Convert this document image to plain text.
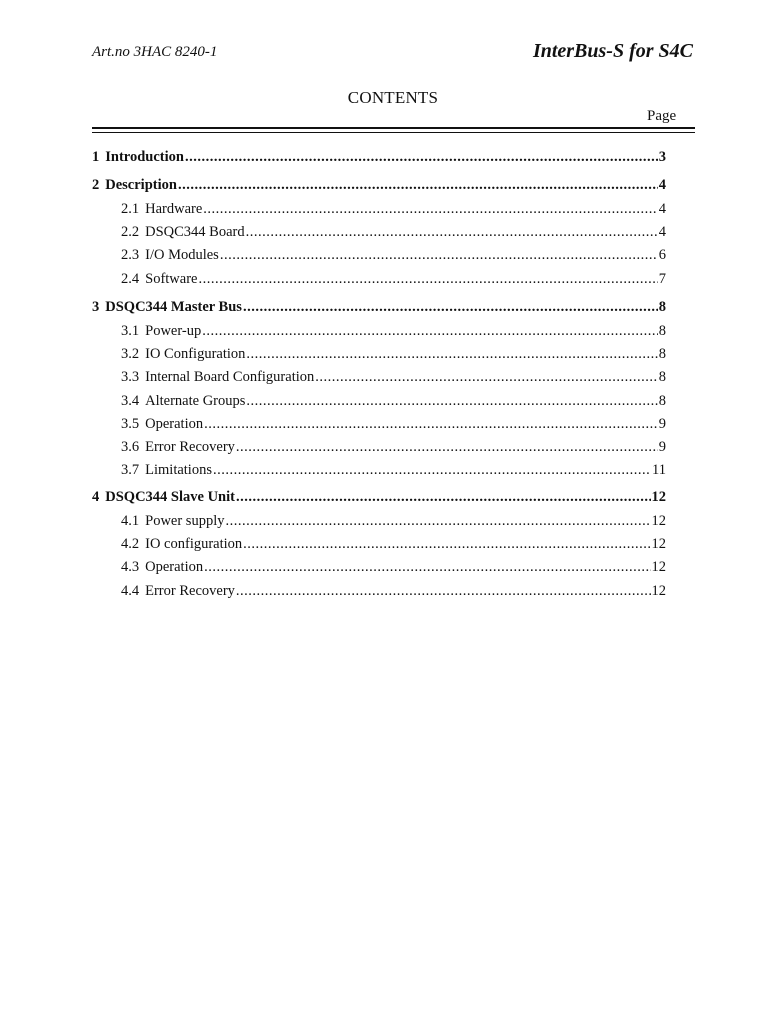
Art.no 3HAC 8240-1	InterBus-S for S4C
CONTENTS
Page
1 Introduction .....	3
2 Description .....	4
2.1 Hardware .....	4
2.2 DSQC344 Board .....	4
2.3 I/O Modules .....	6
2.4 Software .....	7
3 DSQC344 Master Bus .....	8
3.1 Power-up .....	8
3.2 IO Configuration .....	8
3.3 Internal Board Configuration .....	8
3.4 Alternate Groups .....	8
3.5 Operation .....	9
3.6 Error Recovery .....	9
3.7 Limitations .....	11
4 DSQC344 Slave Unit .....	12
4.1 Power supply .....	12
4.2 IO configuration .....	12
4.3 Operation .....	12
4.4 Error Recovery .....	12
